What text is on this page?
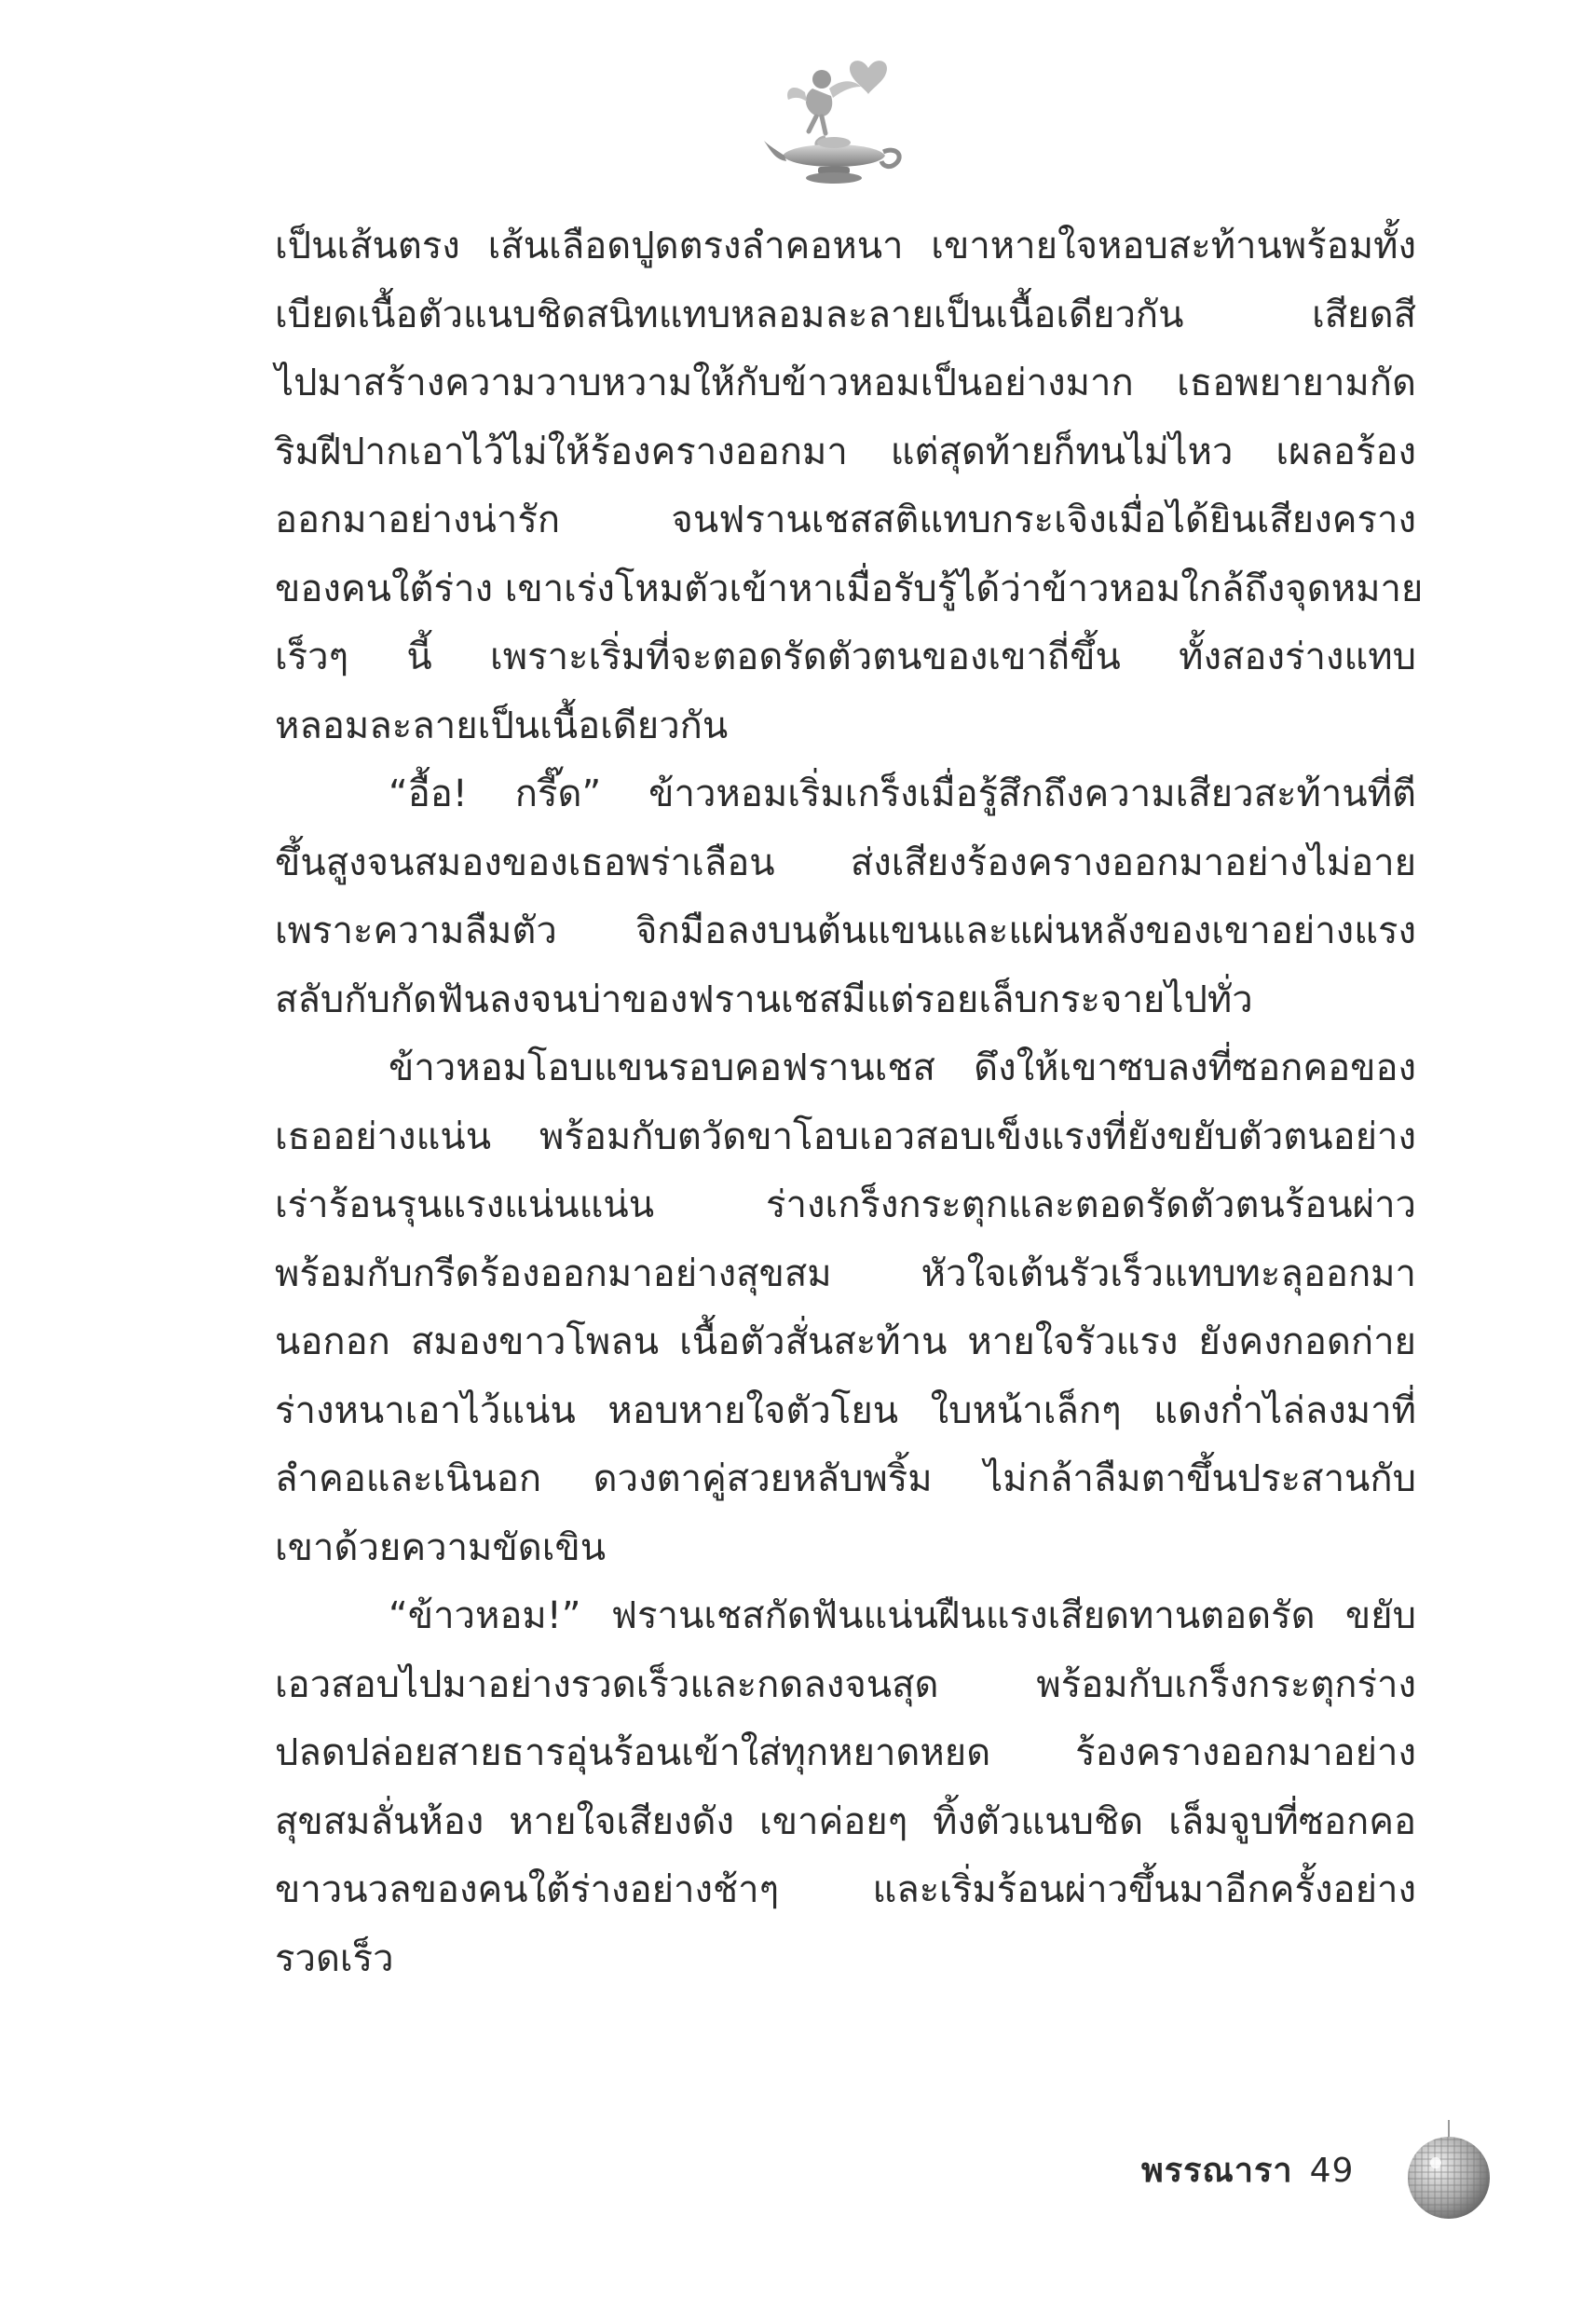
เป็นเส้นตรง เส้นเลือดปูดตรงลำคอหนา เขาหายใจหอบสะท้านพร้อมทั้ง
เบียดเนื้อตัวแนบชิดสนิทแทบหลอมละลายเป็นเนื้อเดียวกัน เสียดสี
ไปมาสร้างความวาบหวามให้กับข้าวหอมเป็นอย่างมาก เธอพยายามกัด
ริมฝีปากเอาไว้ไม่ให้ร้องครางออกมา แต่สุดท้ายก็ทนไม่ไหว เผลอร้อง
ออกมาอย่างน่ารัก จนฟรานเชสสติแทบกระเจิงเมื่อได้ยินเสียงคราง
ของคนใต้ร่าง เขาเร่งโหมตัวเข้าหาเมื่อรับรู้ได้ว่าข้าวหอมใกล้ถึงจุดหมาย
เร็วๆ นี้ เพราะเริ่มที่จะตอดรัดตัวตนของเขาถี่ขึ้น ทั้งสองร่างแทบ
หลอมละลายเป็นเนื้อเดียวกัน
“อื้อ! กรี๊ด” ข้าวหอมเริ่มเกร็งเมื่อรู้สึกถึงความเสียวสะท้านที่ตี
ขึ้นสูงจนสมองของเธอพร่าเลือน ส่งเสียงร้องครางออกมาอย่างไม่อาย
เพราะความลืมตัว จิกมือลงบนต้นแขนและแผ่นหลังของเขาอย่างแรง
สลับกับกัดฟันลงจนบ่าของฟรานเชสมีแต่รอยเล็บกระจายไปทั่ว
ข้าวหอมโอบแขนรอบคอฟรานเชส ดึงให้เขาซบลงที่ซอกคอของ
เธออย่างแน่น พร้อมกับตวัดขาโอบเอวสอบเข็งแรงที่ยังขยับตัวตนอย่าง
เร่าร้อนรุนแรงแน่นแน่น ร่างเกร็งกระตุกและตอดรัดตัวตนร้อนผ่าว
พร้อมกับกรีดร้องออกมาอย่างสุขสม หัวใจเต้นรัวเร็วแทบทะลุออกมา
นอกอก สมองขาวโพลน เนื้อตัวสั่นสะท้าน หายใจรัวแรง ยังคงกอดก่าย
ร่างหนาเอาไว้แน่น หอบหายใจตัวโยน ใบหน้าเล็กๆ แดงก่ำไล่ลงมาที่
ลำคอและเนินอก ดวงตาคู่สวยหลับพริ้ม ไม่กล้าลืมตาขึ้นประสานกับ
เขาด้วยความขัดเขิน
“ข้าวหอม!” ฟรานเชสกัดฟันแน่นฝืนแรงเสียดทานตอดรัด ขยับ
เอวสอบไปมาอย่างรวดเร็วและกดลงจนสุด พร้อมกับเกร็งกระตุกร่าง
ปลดปล่อยสายธารอุ่นร้อนเข้าใส่ทุกหยาดหยด ร้องครางออกมาอย่าง
สุขสมลั่นห้อง หายใจเสียงดัง เขาค่อยๆ ทิ้งตัวแนบชิด เล็มจูบที่ซอกคอ
ขาวนวลของคนใต้ร่างอย่างช้าๆ และเริ่มร้อนผ่าวขึ้นมาอีกครั้งอย่าง
รวดเร็ว
พรรณารา 49
